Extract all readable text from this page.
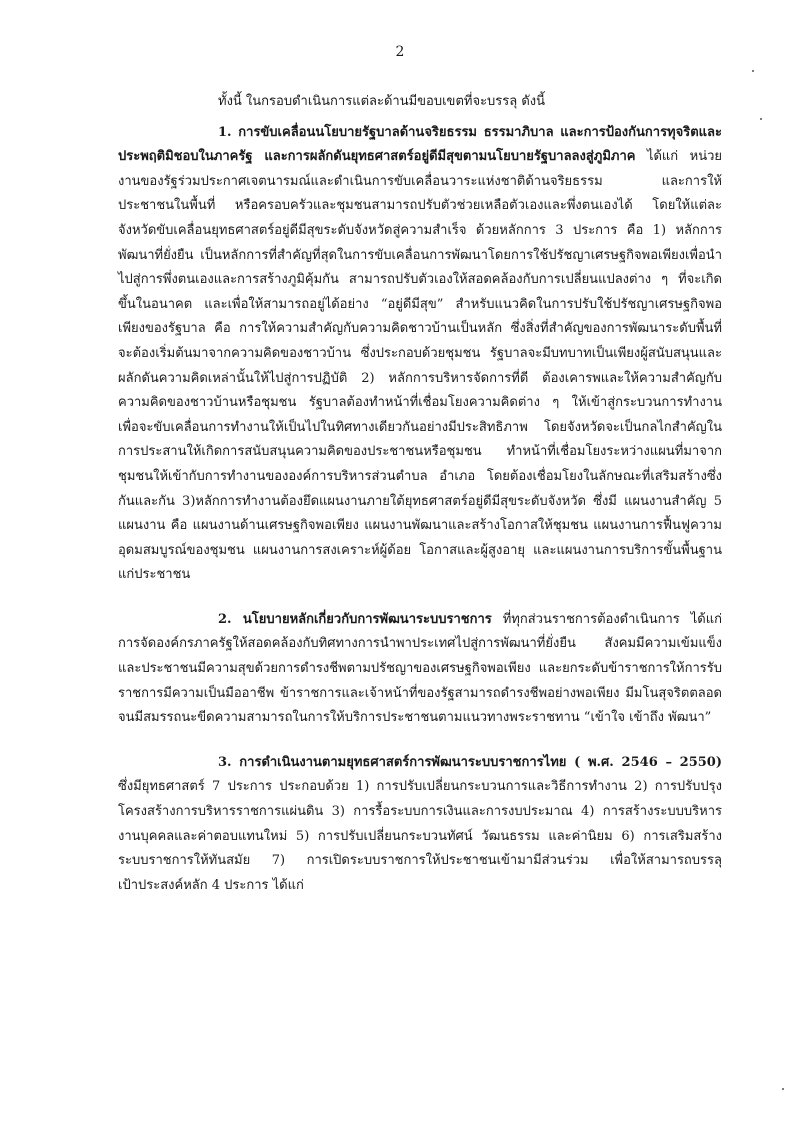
2

ทั้งนี้ ในกรอบดำเนินการแต่ละด้านมีขอบเขตที่จะบรรลุ ดังนี้

1. การขับเคลื่อนนโยบายรัฐบาลด้านจริยธรรม ธรรมาภิบาล และการป้องกันการทุจริตและประพฤติมิชอบในภาครัฐ และการผลักดันยุทธศาสตร์อยู่ดีมีสุขตามนโยบายรัฐบาลลงสู่ภูมิภาค ได้แก่ หน่วยงานของรัฐร่วมประกาศเจตนารมณ์และดำเนินการขับเคลื่อนวาระแห่งชาติด้านจริยธรรม และการให้ประชาชนในพื้นที่ หรือครอบครัวและชุมชนสามารถปรับตัวช่วยเหลือตัวเองและพึ่งตนเองได้ โดยให้แต่ละจังหวัดขับเคลื่อนยุทธศาสตร์อยู่ดีมีสุขระดับจังหวัดสู่ความสำเร็จ ด้วยหลักการ 3 ประการ คือ 1) หลักการพัฒนาที่ยั่งยืน เป็นหลักการที่สำคัญที่สุดในการขับเคลื่อนการพัฒนาโดยการใช้ปรัชญาเศรษฐกิจพอเพียงเพื่อนำไปสู่การพึ่งตนเองและการสร้างภูมิคุ้มกัน สามารถปรับตัวเองให้สอดคล้องกับการเปลี่ยนแปลงต่าง ๆ ที่จะเกิดขึ้นในอนาคต และเพื่อให้สามารถอยู่ได้อย่าง “อยู่ดีมีสุข” สำหรับแนวคิดในการปรับใช้ปรัชญาเศรษฐกิจพอเพียงของรัฐบาล คือ การให้ความสำคัญกับความคิดชาวบ้านเป็นหลัก ซึ่งสิ่งที่สำคัญของการพัฒนาระดับพื้นที่จะต้องเริ่มต้นมาจากความคิดของชาวบ้าน ซึ่งประกอบด้วยชุมชน รัฐบาลจะมีบทบาทเป็นเพียงผู้สนับสนุนและผลักดันความคิดเหล่านั้นให้ไปสู่การปฏิบัติ 2) หลักการบริหารจัดการที่ดี ต้องเคารพและให้ความสำคัญกับความคิดของชาวบ้านหรือชุมชน รัฐบาลต้องทำหน้าที่เชื่อมโยงความคิดต่าง ๆ ให้เข้าสู่กระบวนการทำงาน เพื่อจะขับเคลื่อนการทำงานให้เป็นไปในทิศทางเดียวกันอย่างมีประสิทธิภาพ โดยจังหวัดจะเป็นกลไกสำคัญในการประสานให้เกิดการสนับสนุนความคิดของประชาชนหรือชุมชน ทำหน้าที่เชื่อมโยงระหว่างแผนที่มาจากชุมชนให้เข้ากับการทำงานขององค์การบริหารส่วนตำบล อำเภอ โดยต้องเชื่อมโยงในลักษณะที่เสริมสร้างซึ่งกันและกัน 3)หลักการทำงานต้องยึดแผนงานภายใต้ยุทธศาสตร์อยู่ดีมีสุขระดับจังหวัด ซึ่งมี แผนงานสำคัญ 5 แผนงาน คือ แผนงานด้านเศรษฐกิจพอเพียง แผนงานพัฒนาและสร้างโอกาสให้ชุมชน แผนงานการฟื้นฟูความอุดมสมบูรณ์ของชุมชน แผนงานการสงเคราะห์ผู้ด้อย โอกาสและผู้สูงอายุ และแผนงานการบริการขั้นพื้นฐานแก่ประชาชน

2. นโยบายหลักเกี่ยวกับการพัฒนาระบบราชการ ที่ทุกส่วนราชการต้องดำเนินการ ได้แก่ การจัดองค์กรภาครัฐให้สอดคล้องกับทิศทางการนำพาประเทศไปสู่การพัฒนาที่ยั่งยืน สังคมมีความเข้มแข็ง และประชาชนมีความสุขด้วยการดำรงชีพตามปรัชญาของเศรษฐกิจพอเพียง และยกระดับข้าราชการให้การรับราชการมีความเป็นมืออาชีพ ข้าราชการและเจ้าหน้าที่ของรัฐสามารถดำรงชีพอย่างพอเพียง มีมโนสุจริตตลอดจนมีสมรรถนะขีดความสามารถในการให้บริการประชาชนตามแนวทางพระราชทาน “เข้าใจ เข้าถึง พัฒนา”

3. การดำเนินงานตามยุทธศาสตร์การพัฒนาระบบราชการไทย ( พ.ศ. 2546 – 2550) ซึ่งมียุทธศาสตร์ 7 ประการ ประกอบด้วย 1) การปรับเปลี่ยนกระบวนการและวิธีการทำงาน 2) การปรับปรุงโครงสร้างการบริหารราชการแผ่นดิน 3) การรื้อระบบการเงินและการงบประมาณ 4) การสร้างระบบบริหารงานบุคคลและค่าตอบแทนใหม่ 5) การปรับเปลี่ยนกระบวนทัศน์ วัฒนธรรม และค่านิยม 6) การเสริมสร้างระบบราชการให้ทันสมัย 7) การเปิดระบบราชการให้ประชาชนเข้ามามีส่วนร่วม เพื่อให้สามารถบรรลุเป้าประสงค์หลัก 4 ประการ ได้แก่
